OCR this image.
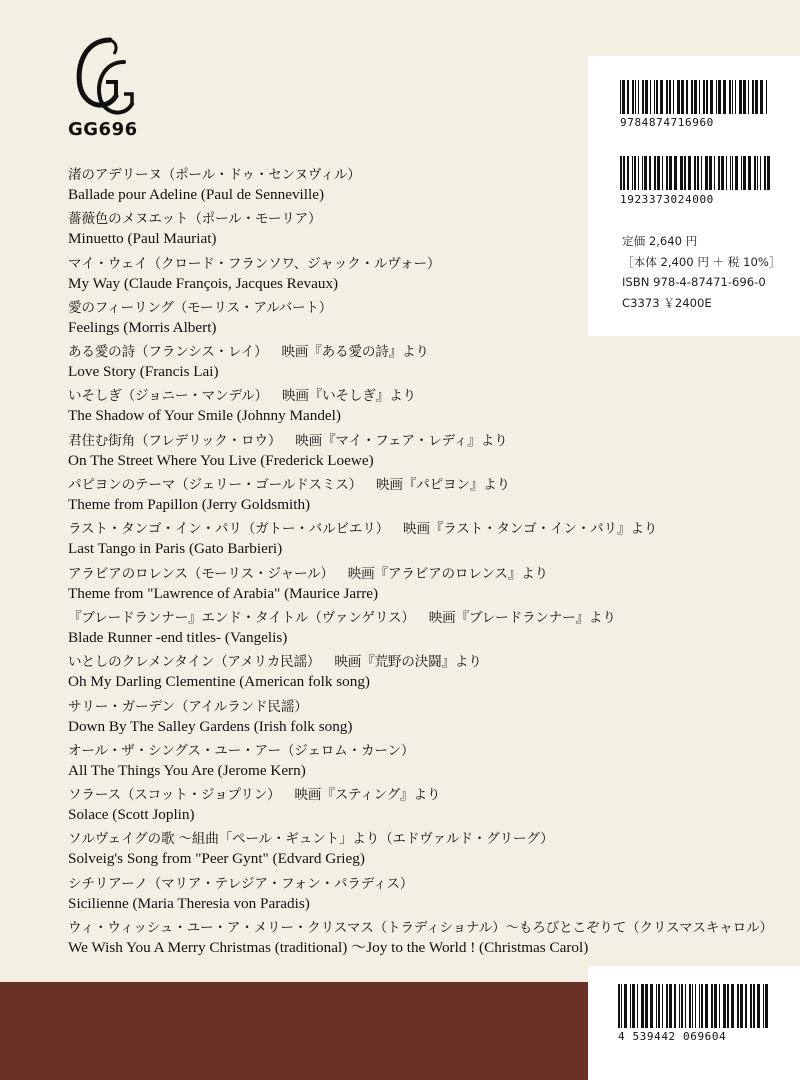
GG696
渚のアデリーヌ（ポール・ドゥ・センヌヴィル）
Ballade pour Adeline (Paul de Senneville)
薔薇色のメヌエット（ポール・モーリア）
Minuetto (Paul Mauriat)
マイ・ウェイ（クロード・フランソワ、ジャック・ルヴォー）
My Way (Claude François, Jacques Revaux)
愛のフィーリング（モーリス・アルバート）
Feelings (Morris Albert)
ある愛の詩（フランシス・レイ） 映画『ある愛の詩』より
Love Story (Francis Lai)
いそしぎ（ジョニー・マンデル） 映画『いそしぎ』より
The Shadow of Your Smile (Johnny Mandel)
君住む街角（フレデリック・ロウ） 映画『マイ・フェア・レディ』より
On The Street Where You Live (Frederick Loewe)
パピヨンのテーマ（ジェリー・ゴールドスミス） 映画『パピヨン』より
Theme from Papillon (Jerry Goldsmith)
ラスト・タンゴ・イン・パリ（ガトー・バルビエリ） 映画『ラスト・タンゴ・イン・パリ』より
Last Tango in Paris (Gato Barbieri)
アラビアのロレンス（モーリス・ジャール） 映画『アラビアのロレンス』より
Theme from "Lawrence of Arabia" (Maurice Jarre)
『ブレードランナー』エンド・タイトル（ヴァンゲリス） 映画『ブレードランナー』より
Blade Runner -end titles- (Vangelis)
いとしのクレメンタイン（アメリカ民謡） 映画『荒野の決闘』より
Oh My Darling Clementine (American folk song)
サリー・ガーデン（アイルランド民謡）
Down By The Salley Gardens (Irish folk song)
オール・ザ・シングス・ユー・アー（ジェロム・カーン）
All The Things You Are (Jerome Kern)
ソラース（スコット・ジョプリン） 映画『スティング』より
Solace (Scott Joplin)
ソルヴェイグの歌 〜組曲「ペール・ギュント」より（エドヴァルド・グリーグ）
Solveig's Song from "Peer Gynt" (Edvard Grieg)
シチリアーノ（マリア・テレジア・フォン・パラディス）
Sicilienne (Maria Theresia von Paradis)
ウィ・ウィッシュ・ユー・ア・メリー・クリスマス（トラディショナル）〜もろびとこぞりて（クリスマスキャロル）
We Wish You A Merry Christmas (traditional) 〜Joy to the World ! (Christmas Carol)
9784874716960
1923373024000
定価 2,640 円
［本体 2,400 円 ＋ 税 10%］
ISBN 978-4-87471-696-0
C3373 ￥2400E
4 539442 069604
